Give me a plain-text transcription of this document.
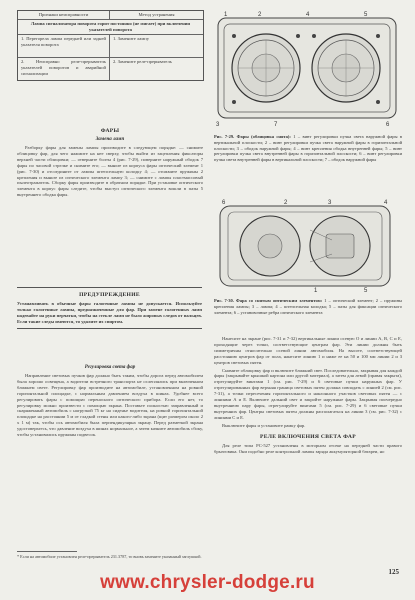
Признаки неисправности	Метод устранения
Лампа сигнализатора поворота горит постоянно (не мигает) при включении указателей поворота
1. Перегорела лампа передней или задней указателя поворота
1. Замените лампу
2. Неисправно реле-прерыватель указателей поворотов и аварийной сигнализации
2. Замените реле-прерыватель
ФАРЫ
Замена ламп
Разборку фары для замены лампы производите в следующем порядке: — снимите облицовку фар, для чего нажмите на нее сверху, чтобы выйти из зацепления фиксаторы верхней части облицовки; — отверните болты 4 (рис. 7-29), поверните наружный ободок 7 фары по часовой стрелке и снимите его; — выньте из корпуса фары оптический элемент 1 (рис. 7-30) и отсоедините от лампы штепсельную колодку 4; — отожмите пружины 2 крепления и выньте из оптического элемента лампу 3; — снимите с лампы пластмассовый пылеотражатель. Сборку фары производите в обратном порядке. При установке оптического элемента в корпус фары следите, чтобы выступ оптического элемента вошли в пазы 5 внутреннего ободка фары.
ПРЕДУПРЕЖДЕНИЕ
Устанавливать в обычные фары галогенные лампы не допускается. Используйте только галогенные лампы, предназначенные для фар. При замене галогенных ламп надевайте на руки перчатки, чтобы на стекле ламп не было жировых следов от пальцев. Если такие следы имеются, то удалите их спиртом.
Регулировка света фар
Направление световых пучков фар должно быть таким, чтобы дорога перед автомобилем была хорошо освещена, а водители встречного транспорта не ослеплялись при включенном ближнем свете. Регулировку фар производите на автомобиле, установленном на ровной горизонтальной площадке, с нормальным давлением воздуха в шинах. Удобнее всего регулировать фары с помощью переносного оптического прибора. Если его нет, то регулировку можно произвести с помощью экрана. Поставьте полностью заправленный и снаряженный автомобиль с нагрузкой 75 кг на сиденье водителя, на ровной горизонтальной площадке на расстоянии 5 м от гладкой стены или какого-либо экрана (щит размером около 2 х 1 м) так, чтобы ось автомобиля была перпендикулярна экрану. Перед разметкой экрана удостоверьтесь, что давление воздуха в шинах нормальное, а затем качните автомобиль сбоку, чтобы установились пружины подвесок.
* Если на автомобиле установлен реле-прерыватель 231.3787, то вновь замените указанный заглушкой.
1	2	4	5
3	7	6
Рис. 7-29. Фары (облицовка снята): 1 – винт регулировки пучка света наружной фары в вертикальной плоскости; 2 – винт регулировки пучка света наружной фары в горизонтальной плоскости; 3 – ободок наружной фары; 4 – винт крепления ободка внутренней фары; 5 – винт регулировки пучка света внутренней фары в горизонтальной плоскости; 6 – винт регулировки пучка света внутренней фары в вертикальной плоскости; 7 – ободок наружной фары
6	2	3	4
1	5
Рис. 7-30. Фара со снятым оптическим элементом: 1 – оптический элемент; 2 – пружины крепления лампы; 3 – лампа; 4 – штепсельная колодка; 5 – пазы для фиксации оптического элемента; 6 – установочные ребра оптического элемента
Нанесите на экране (рис. 7-31 и 7-32) вертикальные линии осевую О и линии А, В, С и Е, проходящие через точки, соответствующие центрам фар. Эти линии должны быть симметричны относительно осевой линии автомобиля. На высоте, соответствующей расстоянию центров фар от пола, нанесите линию 1 и ниже ее на 50 и 100 мм линии 2 и 3 центров световых пятен.
Снимите облицовку фар и включите ближний свет. Последовательно, закрывая для каждой фары (закрывайте крышкой картона или другой материал), а затем для левой (правая закрыта), отрегулируйте винтами 1 (см. рис. 7-29) и 6 световые пучки наружных фар. У отрегулированных фар верхняя граница световых пятен должна совпадать с линией 2 (см. рис. 7-31), а точки пересечения горизонтального и наклонного участков световых пятен — с линиями А и Е. Включите дальний свет и закройте наружные фары. Закрывая поочередно внутреннюю пару фары, отрегулируйте винтами 5 (см. рис. 7-29) и 6 световые пучки внутренних фар. Центры световых пятен должны располагаться на линии 3 (см. рис. 7-32) с линиями С и Е.
Выключите фары и установите рамку фар.
РЕЛЕ ВКЛЮЧЕНИЯ СВЕТА ФАР
Для реле типа РС-527 установлены в моторном отсеке на передней части правого брызговика. Они подобно реле контрольной лампы заряда аккумуляторной батареи, но
125
www.chrysler-dodge.ru
